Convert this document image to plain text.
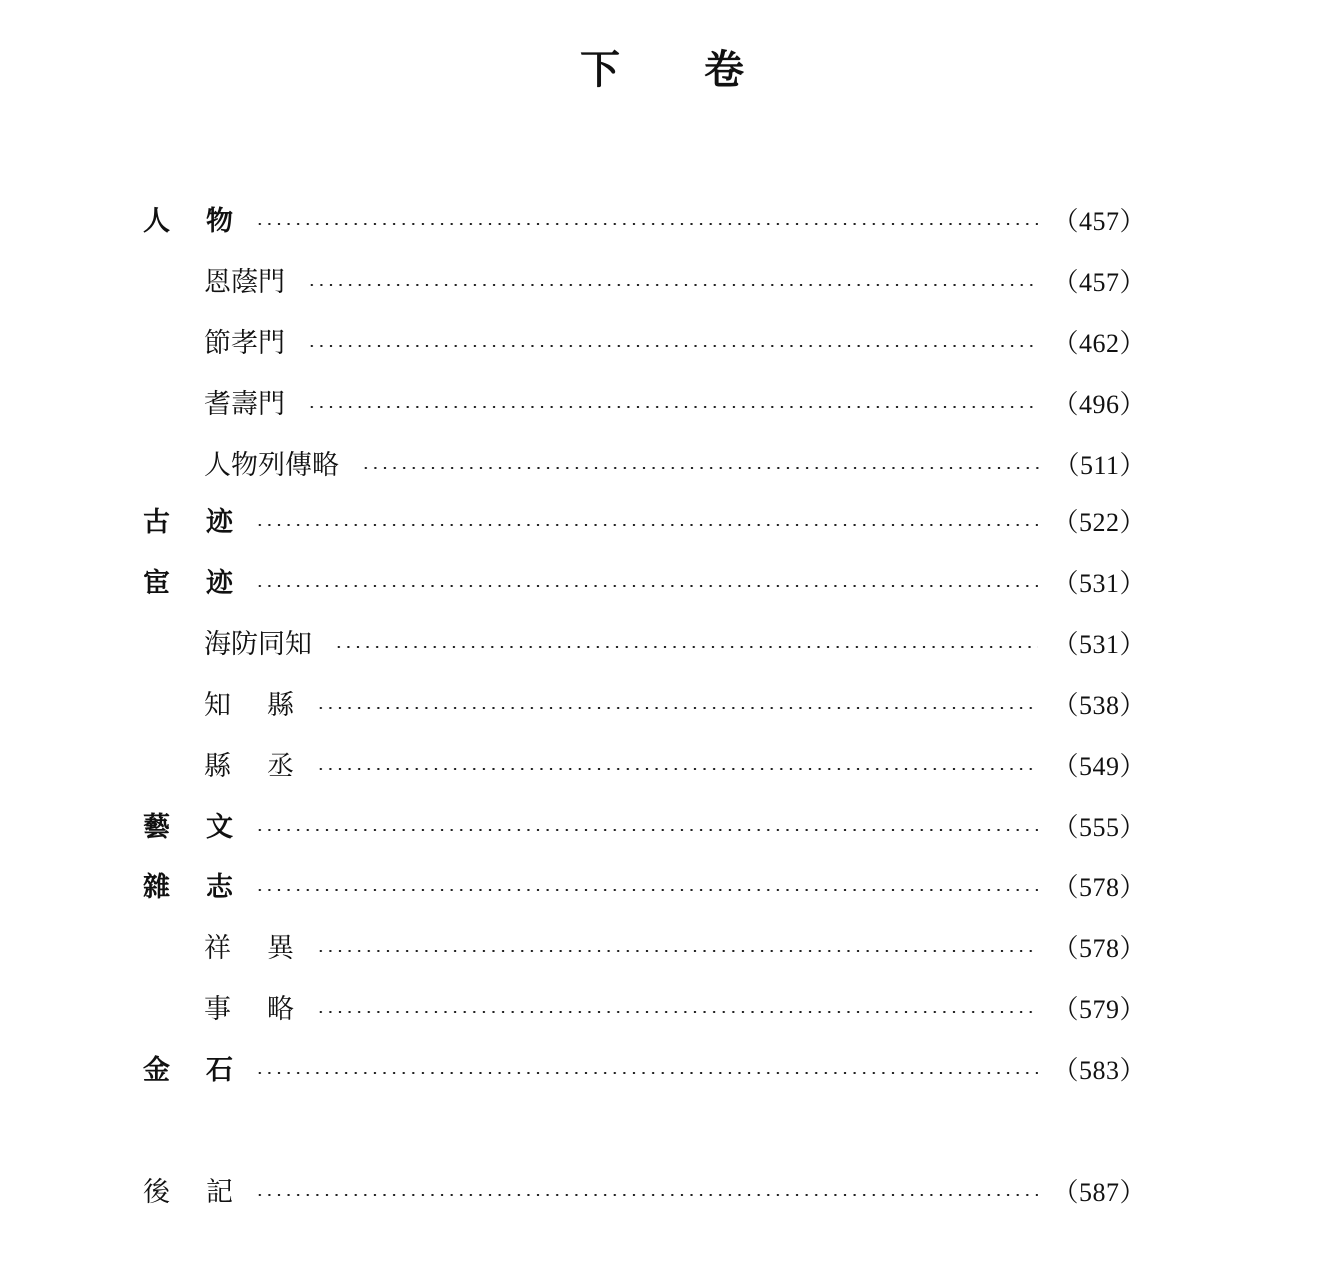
下 卷
人 物	（457）
恩蔭門	（457）
節孝門	（462）
耆壽門	（496）
人物列傳略	（511）
古 迹	（522）
宦 迹	（531）
海防同知	（531）
知 縣	（538）
縣 丞	（549）
藝 文	（555）
雜 志	（578）
祥 異	（578）
事 略	（579）
金 石	（583）
後 記	（587）
